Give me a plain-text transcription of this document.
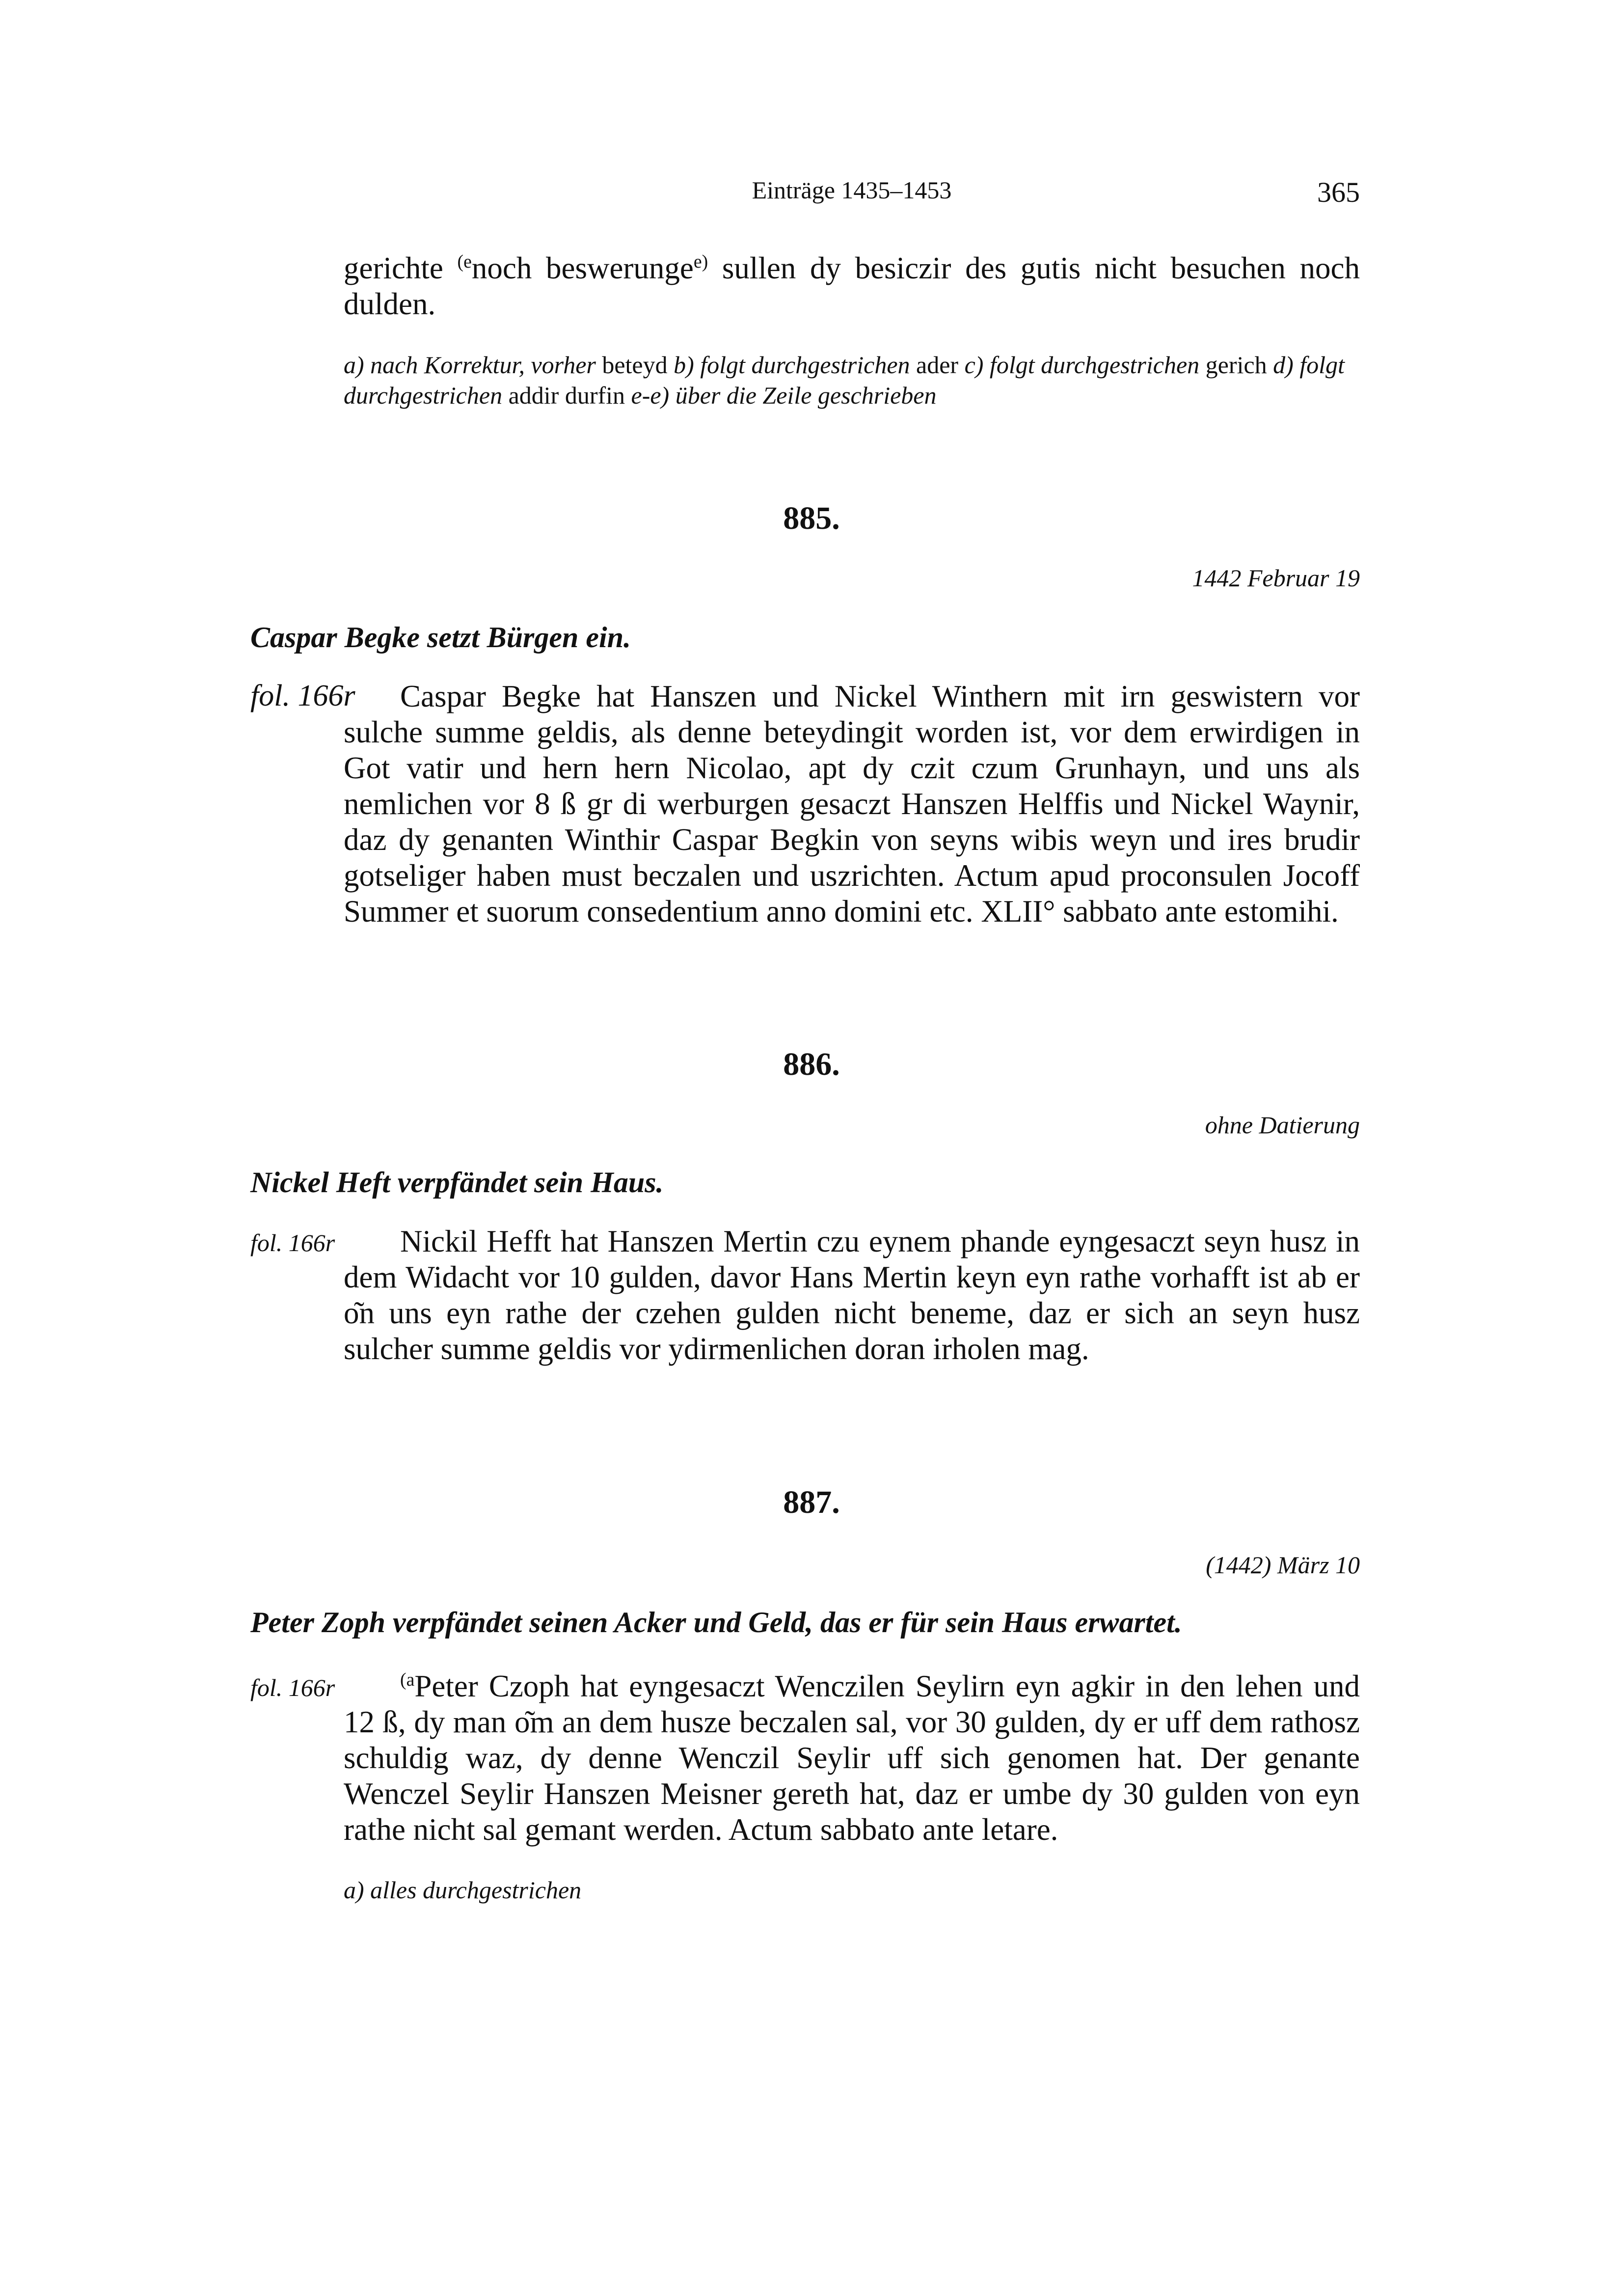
Einträge 1435–1453	365

gerichte $^{(e}$noch beswerunge$^{e)}$ sullen dy besiczir des gutis nicht besuchen noch dulden.

a) nach Korrektur, vorher beteyd b) folgt durchgestrichen ader c) folgt durchgestrichen gerich d) folgt durchgestrichen addir durfin e-e) über die Zeile geschrieben

885.
1442 Februar 19
Caspar Begke setzt Bürgen ein.
fol. 166r	Caspar Begke hat Hanszen und Nickel Winthern mit irn geswistern vor sulche summe geldis, als denne beteydingit worden ist, vor dem erwirdigen in Got vatir und hern hern Nicolao, apt dy czit czum Grunhayn, und uns als nemlichen vor 8 ß gr di werburgen gesaczt Hanszen Helffis und Nickel Waynir, daz dy genanten Winthir Caspar Begkin von seyns wibis weyn und ires brudir gotseliger haben must beczalen und uszrichten. Actum apud proconsulen Jocoff Summer et suorum consedentium anno domini etc. XLII° sabbato ante estomihi.

886.
ohne Datierung
Nickel Heft verpfändet sein Haus.
fol. 166r	Nickil Hefft hat Hanszen Mertin czu eynem phande eyngesaczt seyn husz in dem Widacht vor 10 gulden, davor Hans Mertin keyn eyn rathe vorhafft ist ab er o͂n uns eyn rathe der czehen gulden nicht beneme, daz er sich an seyn husz sulcher summe geldis vor ydirmenlichen doran irholen mag.

887.
(1442) März 10
Peter Zoph verpfändet seinen Acker und Geld, das er für sein Haus erwartet.
fol. 166r	$^{(a}$Peter Czoph hat eyngesaczt Wenczilen Seylirn eyn agkir in den lehen und 12 ß, dy man o͂m an dem husze beczalen sal, vor 30 gulden, dy er uff dem rathosz schuldig waz, dy denne Wenczil Seylir uff sich genomen hat. Der genante Wenczel Seylir Hanszen Meisner gereth hat, daz er umbe dy 30 gulden von eyn rathe nicht sal gemant werden. Actum sabbato ante letare.

a) alles durchgestrichen
